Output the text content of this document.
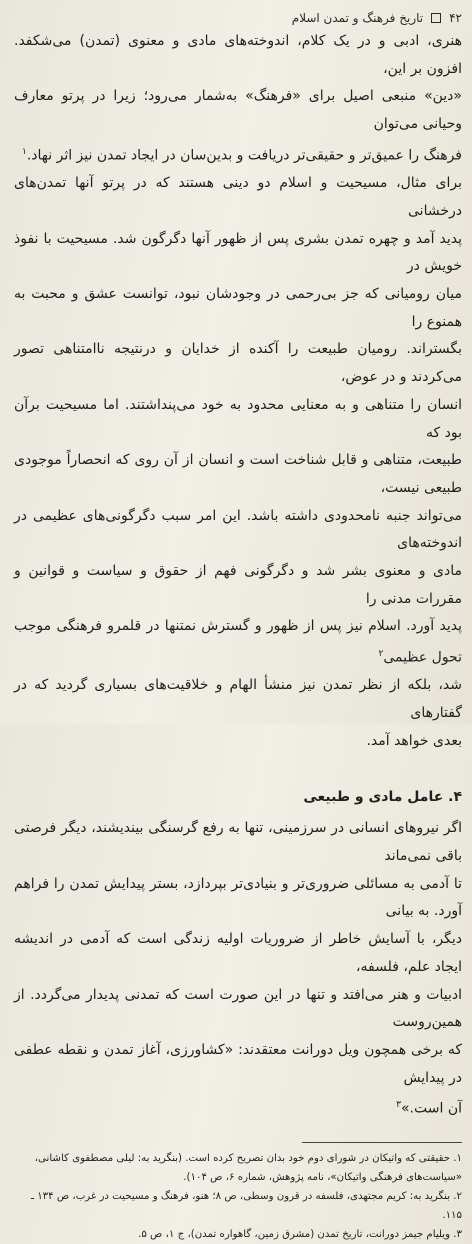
۴۲
تاریخ فرهنگ و تمدن اسلام

هنری، ادبی و در یک کلام، اندوخته‌های مادی و معنوی (تمدن) می‌شکفد. افزون بر این،
«دین» منبعی اصیل برای «فرهنگ» به‌شمار می‌رود؛ زیرا در پرتو معارف وحیانی می‌توان
فرهنگ را عمیق‌تر و حقیقی‌تر دریافت و بدین‌سان در ایجاد تمدن نیز اثر نهاد.$^۱$

برای مثال، مسیحیت و اسلام دو دینی هستند که در پرتو آنها تمدن‌های درخشانی
پدید آمد و چهره تمدن بشری پس از ظهور آنها دگرگون شد. مسیحیت با نفوذ خویش در
میان رومیانی که جز بی‌رحمی در وجودشان نبود، توانست عشق و محبت به همنوع را
بگستراند. رومیان طبیعت را آکنده از خدایان و درنتیجه ناامتناهی تصور می‌کردند و در عوض،
انسان را متناهی و به معنایی محدود به خود می‌پنداشتند. اما مسیحیت برآن بود که
طبیعت، متناهی و قابل شناخت است و انسان از آن روی که انحصاراً موجودی طبیعی نیست،
می‌تواند جنبه نامحدودی داشته باشد. این امر سبب دگرگونی‌های عظیمی در اندوخته‌های
مادی و معنوی بشر شد و دگرگونی فهم از حقوق و سیاست و قوانین و مقررات مدنی را
پدید آورد. اسلام نیز پس از ظهور و گسترش نمتنها در قلمرو فرهنگی موجب تحول عظیمی$^۲$
شد، بلکه از نظر تمدن نیز منشأ الهام و خلاقیت‌های بسیاری گردید که در گفتارهای
بعدی خواهد آمد.

۴. عامل مادی و طبیعی

اگر نیروهای انسانی در سرزمینی، تنها به رفع گرسنگی بیندیشند، دیگر فرصتی باقی نمی‌ماند
تا آدمی به مسائلی ضروری‌تر و بنیادی‌تر بپردازد، بستر پیدایش تمدن را فراهم آورد. به بیانی
دیگر، با آسایش خاطر از ضروریات اولیه زندگی است که آدمی در اندیشه ایجاد علم، فلسفه،
ادبیات و هنر می‌افتد و تنها در این صورت است که تمدنی پدیدار می‌گردد. از همین‌روست
که برخی همچون ویل دورانت معتقدند: «کشاورزی، آغاز تمدن و نقطه عطفی در پیدایش
آن است.»$^۳$

۱. حقیقتی که واتیکان در شورای دوم خود بدان تصریح کرده است. (بنگرید به: لیلی مصطفوی کاشانی،
«سیاست‌های فرهنگی واتیکان»، نامه پژوهش، شماره ۶، ص ۱۰۴).
۲. بنگرید به: کریم مجتهدی، فلسفه در قرون وسطی، ص ۸؛ هنو، فرهنگ و مسیحیت در غرب، ص ۱۳۴ ـ ۱۱۵.
۳. ویلیام جیمز دورانت، تاریخ تمدن (مشرق زمین، گاهواره تمدن)، ج ۱، ص ۵.
